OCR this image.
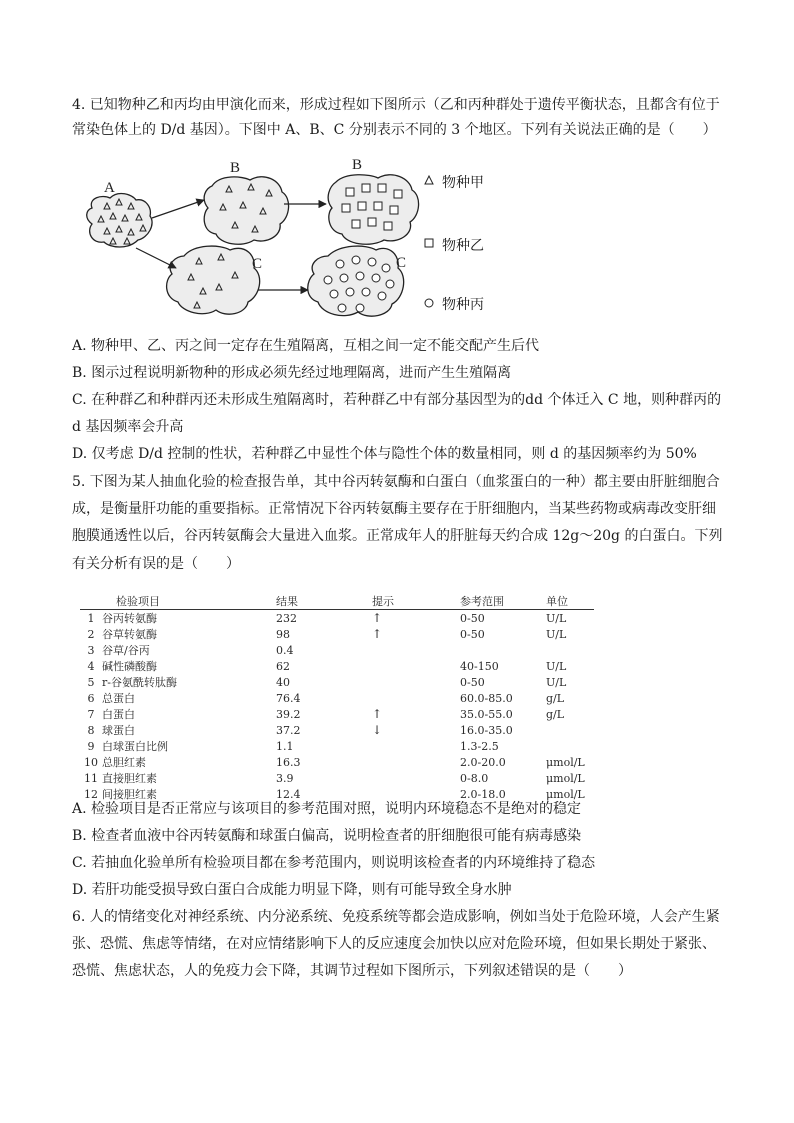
4. 已知物种乙和丙均由甲演化而来，形成过程如下图所示（乙和丙种群处于遗传平衡状态，且都含有位于
常染色体上的 D/d 基因）。下图中 A、B、C 分别表示不同的 3 个地区。下列有关说法正确的是（　　）
A
B	B
C	C
物种甲
物种乙
物种丙
A. 物种甲、乙、丙之间一定存在生殖隔离，互相之间一定不能交配产生后代
B. 图示过程说明新物种的形成必须先经过地理隔离，进而产生生殖隔离
C. 在种群乙和种群丙还未形成生殖隔离时，若种群乙中有部分基因型为的dd 个体迁入 C 地，则种群丙的
d 基因频率会升高
D. 仅考虑 D/d 控制的性状，若种群乙中显性个体与隐性个体的数量相同，则 d 的基因频率约为 50%
5. 下图为某人抽血化验的检查报告单，其中谷丙转氨酶和白蛋白（血浆蛋白的一种）都主要由肝脏细胞合
成，是衡量肝功能的重要指标。正常情况下谷丙转氨酶主要存在于肝细胞内，当某些药物或病毒改变肝细
胞膜通透性以后，谷丙转氨酶会大量进入血浆。正常成年人的肝脏每天约合成 12g～20g 的白蛋白。下列
有关分析有误的是（　　）
	检验项目	结果	提示	参考范围	单位
1	谷丙转氨酶	232	↑	0-50	U/L
2	谷草转氨酶	98	↑	0-50	U/L
3	谷草/谷丙	0.4			
4	碱性磷酸酶	62		40-150	U/L
5	r-谷氨酰转肽酶	40		0-50	U/L
6	总蛋白	76.4		60.0-85.0	g/L
7	白蛋白	39.2	↑	35.0-55.0	g/L
8	球蛋白	37.2	↓	16.0-35.0	
9	白球蛋白比例	1.1		1.3-2.5	
10	总胆红素	16.3		2.0-20.0	μmol/L
11	直接胆红素	3.9		0-8.0	μmol/L
12	间接胆红素	12.4		2.0-18.0	μmol/L
A. 检验项目是否正常应与该项目的参考范围对照，说明内环境稳态不是绝对的稳定
B. 检查者血液中谷丙转氨酶和球蛋白偏高，说明检查者的肝细胞很可能有病毒感染
C. 若抽血化验单所有检验项目都在参考范围内，则说明该检查者的内环境维持了稳态
D. 若肝功能受损导致白蛋白合成能力明显下降，则有可能导致全身水肿
6. 人的情绪变化对神经系统、内分泌系统、免疫系统等都会造成影响，例如当处于危险环境，人会产生紧
张、恐慌、焦虑等情绪，在对应情绪影响下人的反应速度会加快以应对危险环境，但如果长期处于紧张、
恐慌、焦虑状态，人的免疫力会下降，其调节过程如下图所示，下列叙述错误的是（　　）
